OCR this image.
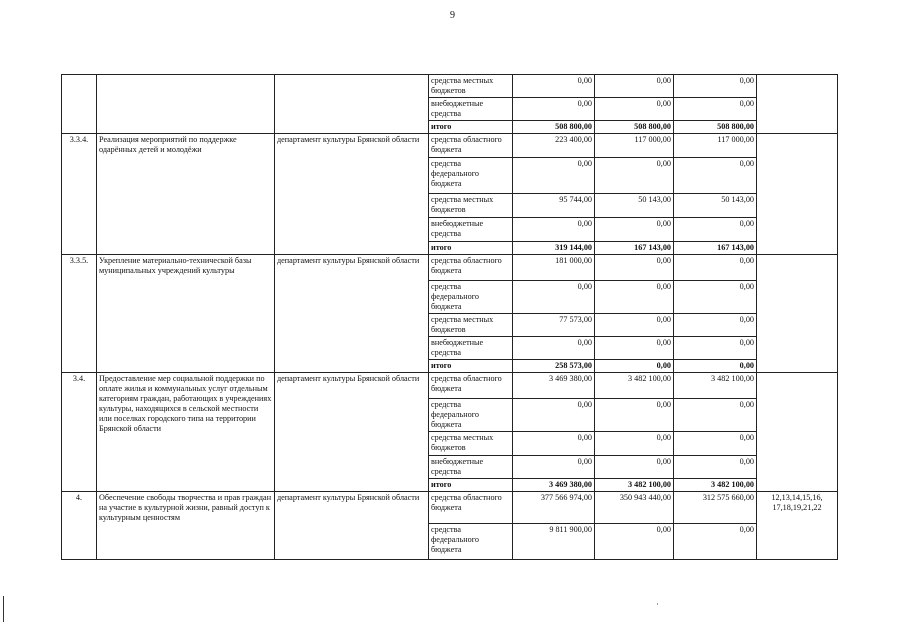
9
			средства местных бюджетов	0,00	0,00	0,00	
			внебюджетные средства	0,00	0,00	0,00	
			итого	508 800,00	508 800,00	508 800,00	
3.3.4.	Реализация мероприятий по поддержке одарённых детей и молодёжи	департамент культуры Брянской области	средства областного бюджета	223 400,00	117 000,00	117 000,00	
			средства федерального бюджета	0,00	0,00	0,00	
			средства местных бюджетов	95 744,00	50 143,00	50 143,00	
			внебюджетные средства	0,00	0,00	0,00	
			итого	319 144,00	167 143,00	167 143,00	
3.3.5.	Укрепление материально-технической базы муниципальных учреждений культуры	департамент культуры Брянской области	средства областного бюджета	181 000,00	0,00	0,00	
			средства федерального бюджета	0,00	0,00	0,00	
			средства местных бюджетов	77 573,00	0,00	0,00	
			внебюджетные средства	0,00	0,00	0,00	
			итого	258 573,00	0,00	0,00	
3.4.	Предоставление мер социальной поддержки по оплате жилья и коммунальных услуг отдельным категориям граждан, работающих в учреждениях культуры, находящихся в сельской местности или поселках городского типа на территории Брянской области	департамент культуры Брянской области	средства областного бюджета	3 469 380,00	3 482 100,00	3 482 100,00	
			средства федерального бюджета	0,00	0,00	0,00	
			средства местных бюджетов	0,00	0,00	0,00	
			внебюджетные средства	0,00	0,00	0,00	
			итого	3 469 380,00	3 482 100,00	3 482 100,00	
4.	Обеспечение свободы творчества и прав граждан на участие в культурной жизни, равный доступ к культурным ценностям	департамент культуры Брянской области	средства областного бюджета	377 566 974,00	350 943 440,00	312 575 660,00	12,13,14,15,16, 17,18,19,21,22
			средства федерального бюджета	9 811 900,00	0,00	0,00	
